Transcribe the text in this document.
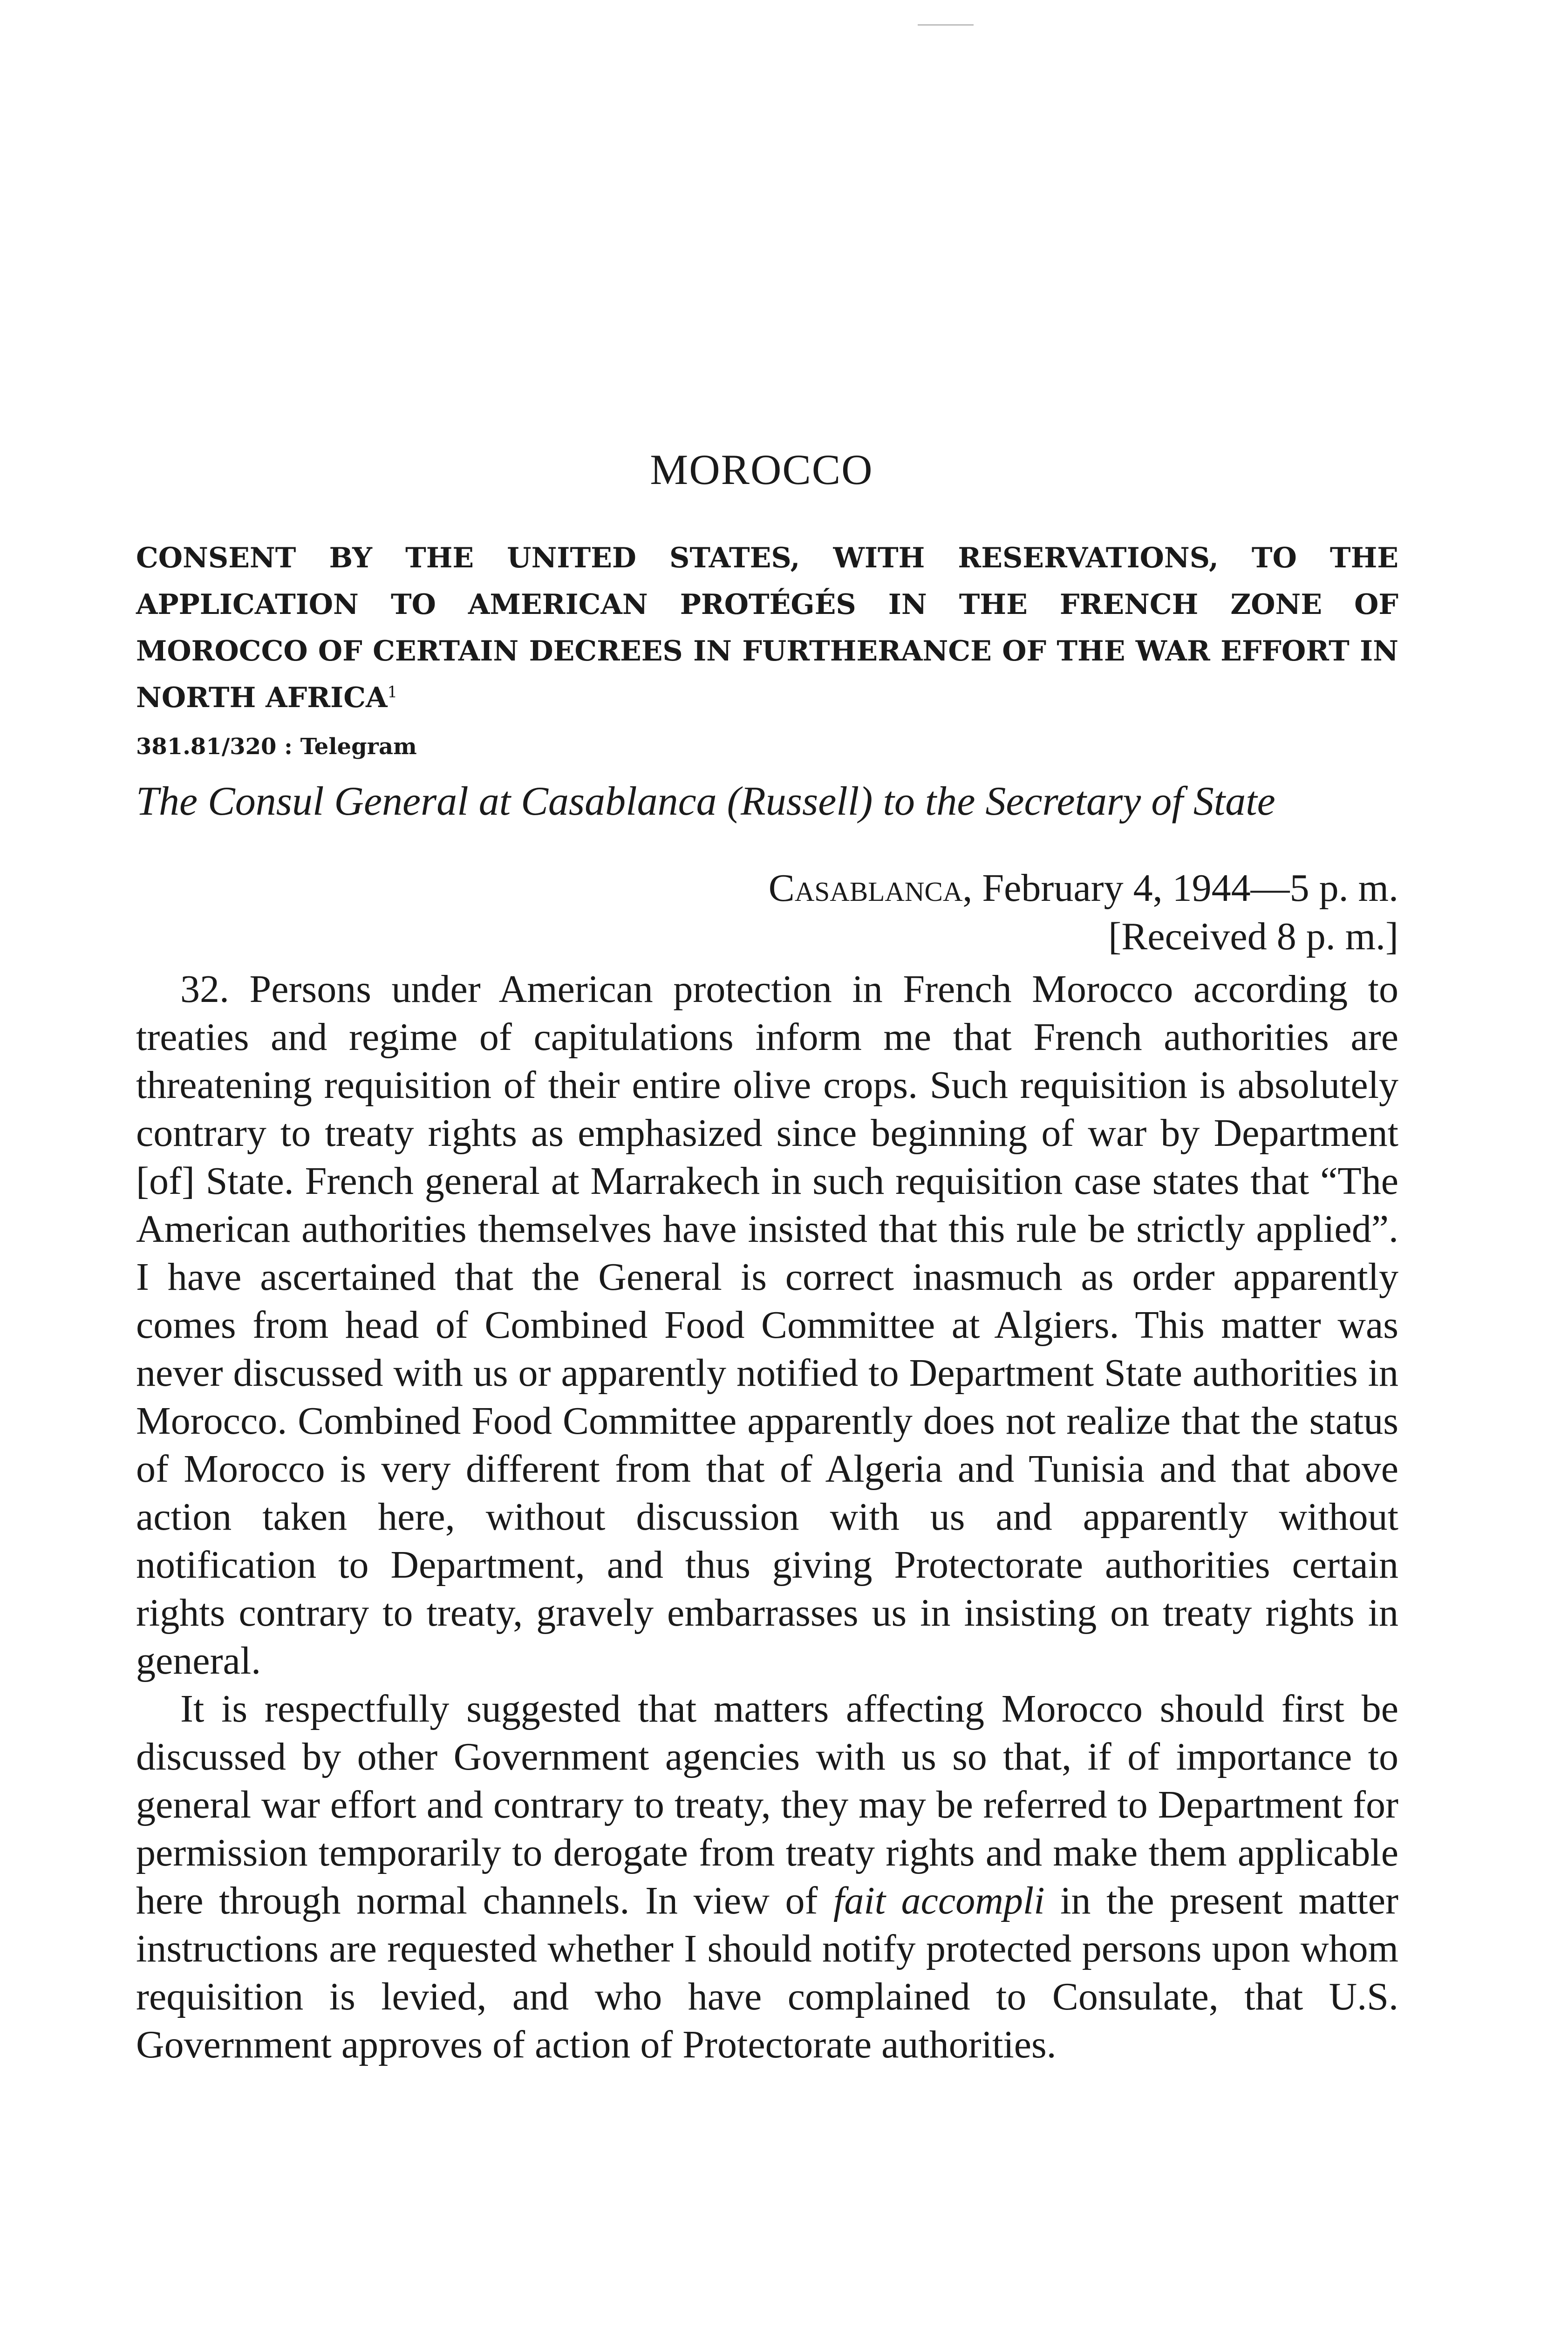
MOROCCO
CONSENT BY THE UNITED STATES, WITH RESERVATIONS, TO THE APPLICATION TO AMERICAN PROTÉGÉS IN THE FRENCH ZONE OF MOROCCO OF CERTAIN DECREES IN FURTHERANCE OF THE WAR EFFORT IN NORTH AFRICA$^1$
381.81/320 : Telegram
The Consul General at Casablanca (Russell) to the Secretary of State
Casablanca, February 4, 1944—5 p. m.
[Received 8 p. m.]

32. Persons under American protection in French Morocco according to treaties and regime of capitulations inform me that French authorities are threatening requisition of their entire olive crops. Such requisition is absolutely contrary to treaty rights as emphasized since beginning of war by Department [of] State. French general at Marrakech in such requisition case states that “The American authorities themselves have insisted that this rule be strictly applied”. I have ascertained that the General is correct inasmuch as order apparently comes from head of Combined Food Committee at Algiers. This matter was never discussed with us or apparently notified to Department State authorities in Morocco. Combined Food Committee apparently does not realize that the status of Morocco is very different from that of Algeria and Tunisia and that above action taken here, without discussion with us and apparently without notification to Department, and thus giving Protectorate authorities certain rights contrary to treaty, gravely embarrasses us in insisting on treaty rights in general.

It is respectfully suggested that matters affecting Morocco should first be discussed by other Government agencies with us so that, if of importance to general war effort and contrary to treaty, they may be referred to Department for permission temporarily to derogate from treaty rights and make them applicable here through normal channels. In view of fait accompli in the present matter instructions are requested whether I should notify protected persons upon whom requisition is levied, and who have complained to Consulate, that U.S. Government approves of action of Protectorate authorities.
